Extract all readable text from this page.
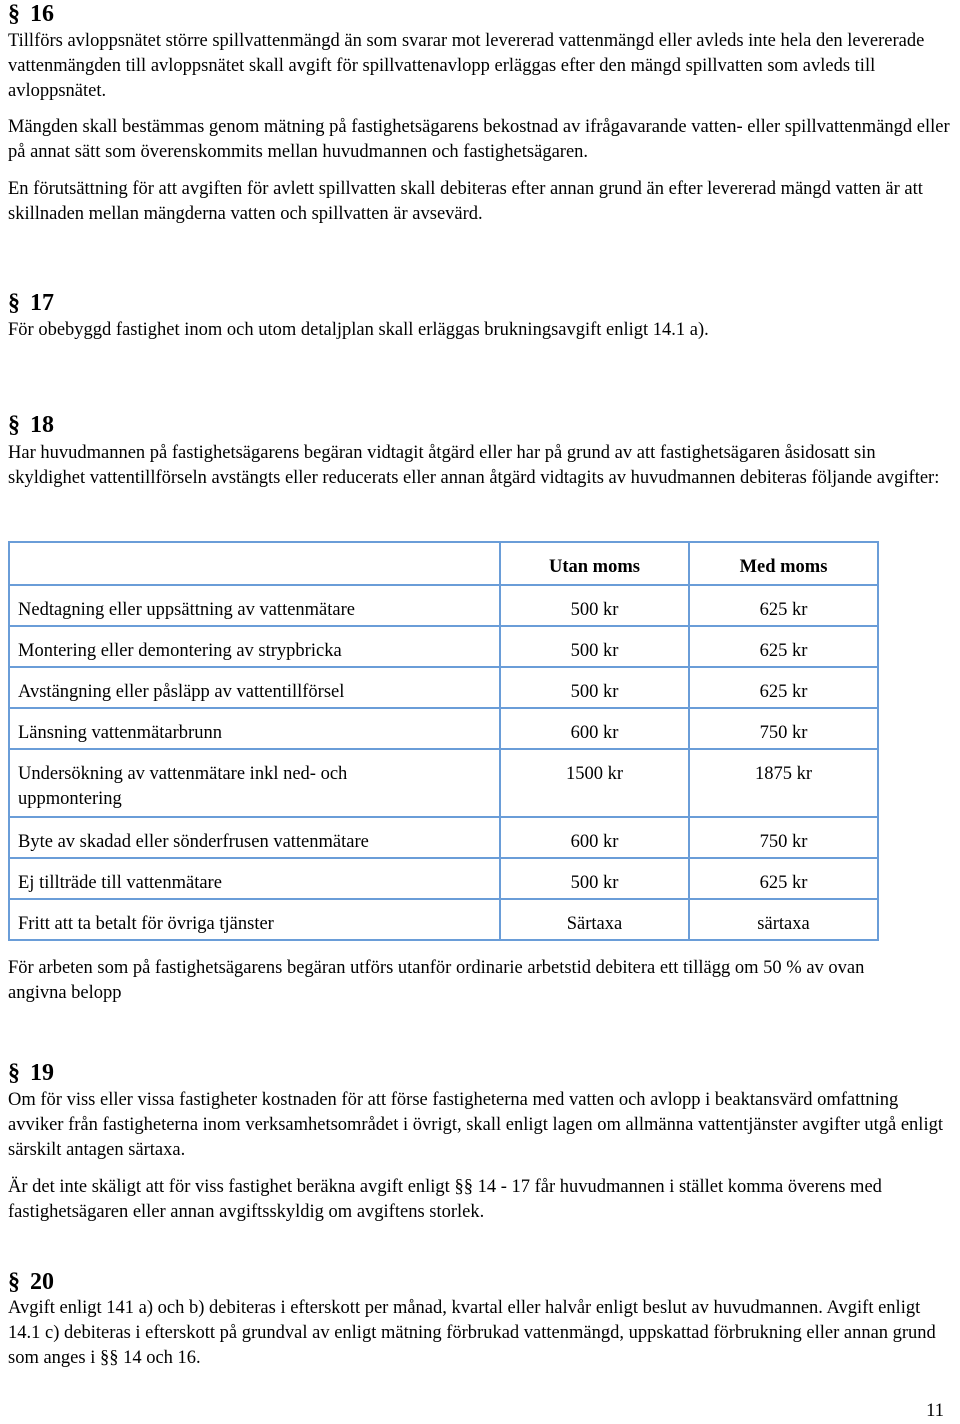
§ 16

Tillförs avloppsnätet större spillvattenmängd än som svarar mot levererad vattenmängd eller avleds inte hela den levererade vattenmängden till avloppsnätet skall avgift för spillvattenavlopp erläggas efter den mängd spillvatten som avleds till avloppsnätet.

Mängden skall bestämmas genom mätning på fastighetsägarens bekostnad av ifrågavarande vatten- eller spillvattenmängd eller på annat sätt som överenskommits mellan huvudmannen och fastighetsägaren.

En förutsättning för att avgiften för avlett spillvatten skall debiteras efter annan grund än efter levererad mängd vatten är att skillnaden mellan mängderna vatten och spillvatten är avsevärd.

§ 17

För obebyggd fastighet inom och utom detaljplan skall erläggas brukningsavgift enligt 14.1 a).

§ 18

Har huvudmannen på fastighetsägarens begäran vidtagit åtgärd eller har på grund av att fastighetsägaren åsidosatt sin skyldighet vattentillförseln avstängts eller reducerats eller annan åtgärd vidtagits av huvudmannen debiteras följande avgifter:

	Utan moms	Med moms
Nedtagning eller uppsättning av vattenmätare	500 kr	625 kr
Montering eller demontering av strypbricka	500 kr	625 kr
Avstängning eller påsläpp av vattentillförsel	500 kr	625 kr
Länsning vattenmätarbrunn	600 kr	750 kr
Undersökning av vattenmätare inkl ned- och uppmontering	1500 kr	1875 kr
Byte av skadad eller sönderfrusen vattenmätare	600 kr	750 kr
Ej tillträde till vattenmätare	500 kr	625 kr
Fritt att ta betalt för övriga tjänster	Särtaxa	särtaxa

För arbeten som på fastighetsägarens begäran utförs utanför ordinarie arbetstid debitera ett tillägg om 50 % av ovan angivna belopp

§ 19

Om för viss eller vissa fastigheter kostnaden för att förse fastigheterna med vatten och avlopp i beaktansvärd omfattning avviker från fastigheterna inom verksamhetsområdet i övrigt, skall enligt lagen om allmänna vattentjänster avgifter utgå enligt särskilt antagen särtaxa.

Är det inte skäligt att för viss fastighet beräkna avgift enligt §§ 14 - 17 får huvudmannen i stället komma överens med fastighetsägaren eller annan avgiftsskyldig om avgiftens storlek.

§ 20

Avgift enligt 141 a) och b) debiteras i efterskott per månad, kvartal eller halvår enligt beslut av huvudmannen. Avgift enligt 14.1 c) debiteras i efterskott på grundval av enligt mätning förbrukad vattenmängd, uppskattad förbrukning eller annan grund som anges i §§ 14 och 16.

11
